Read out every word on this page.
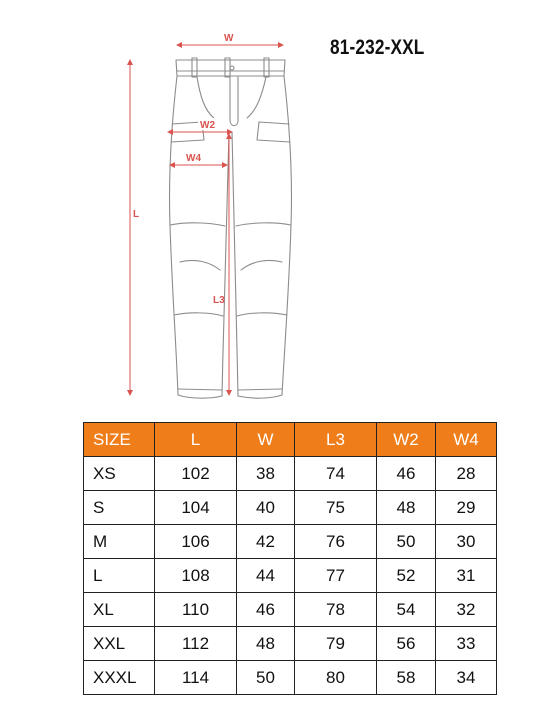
81-232-XXL
W
W2
W4
L
L3
SIZE	L	W	L3	W2	W4
XS	102	38	74	46	28
S	104	40	75	48	29
M	106	42	76	50	30
L	108	44	77	52	31
XL	110	46	78	54	32
XXL	112	48	79	56	33
XXXL	114	50	80	58	34
